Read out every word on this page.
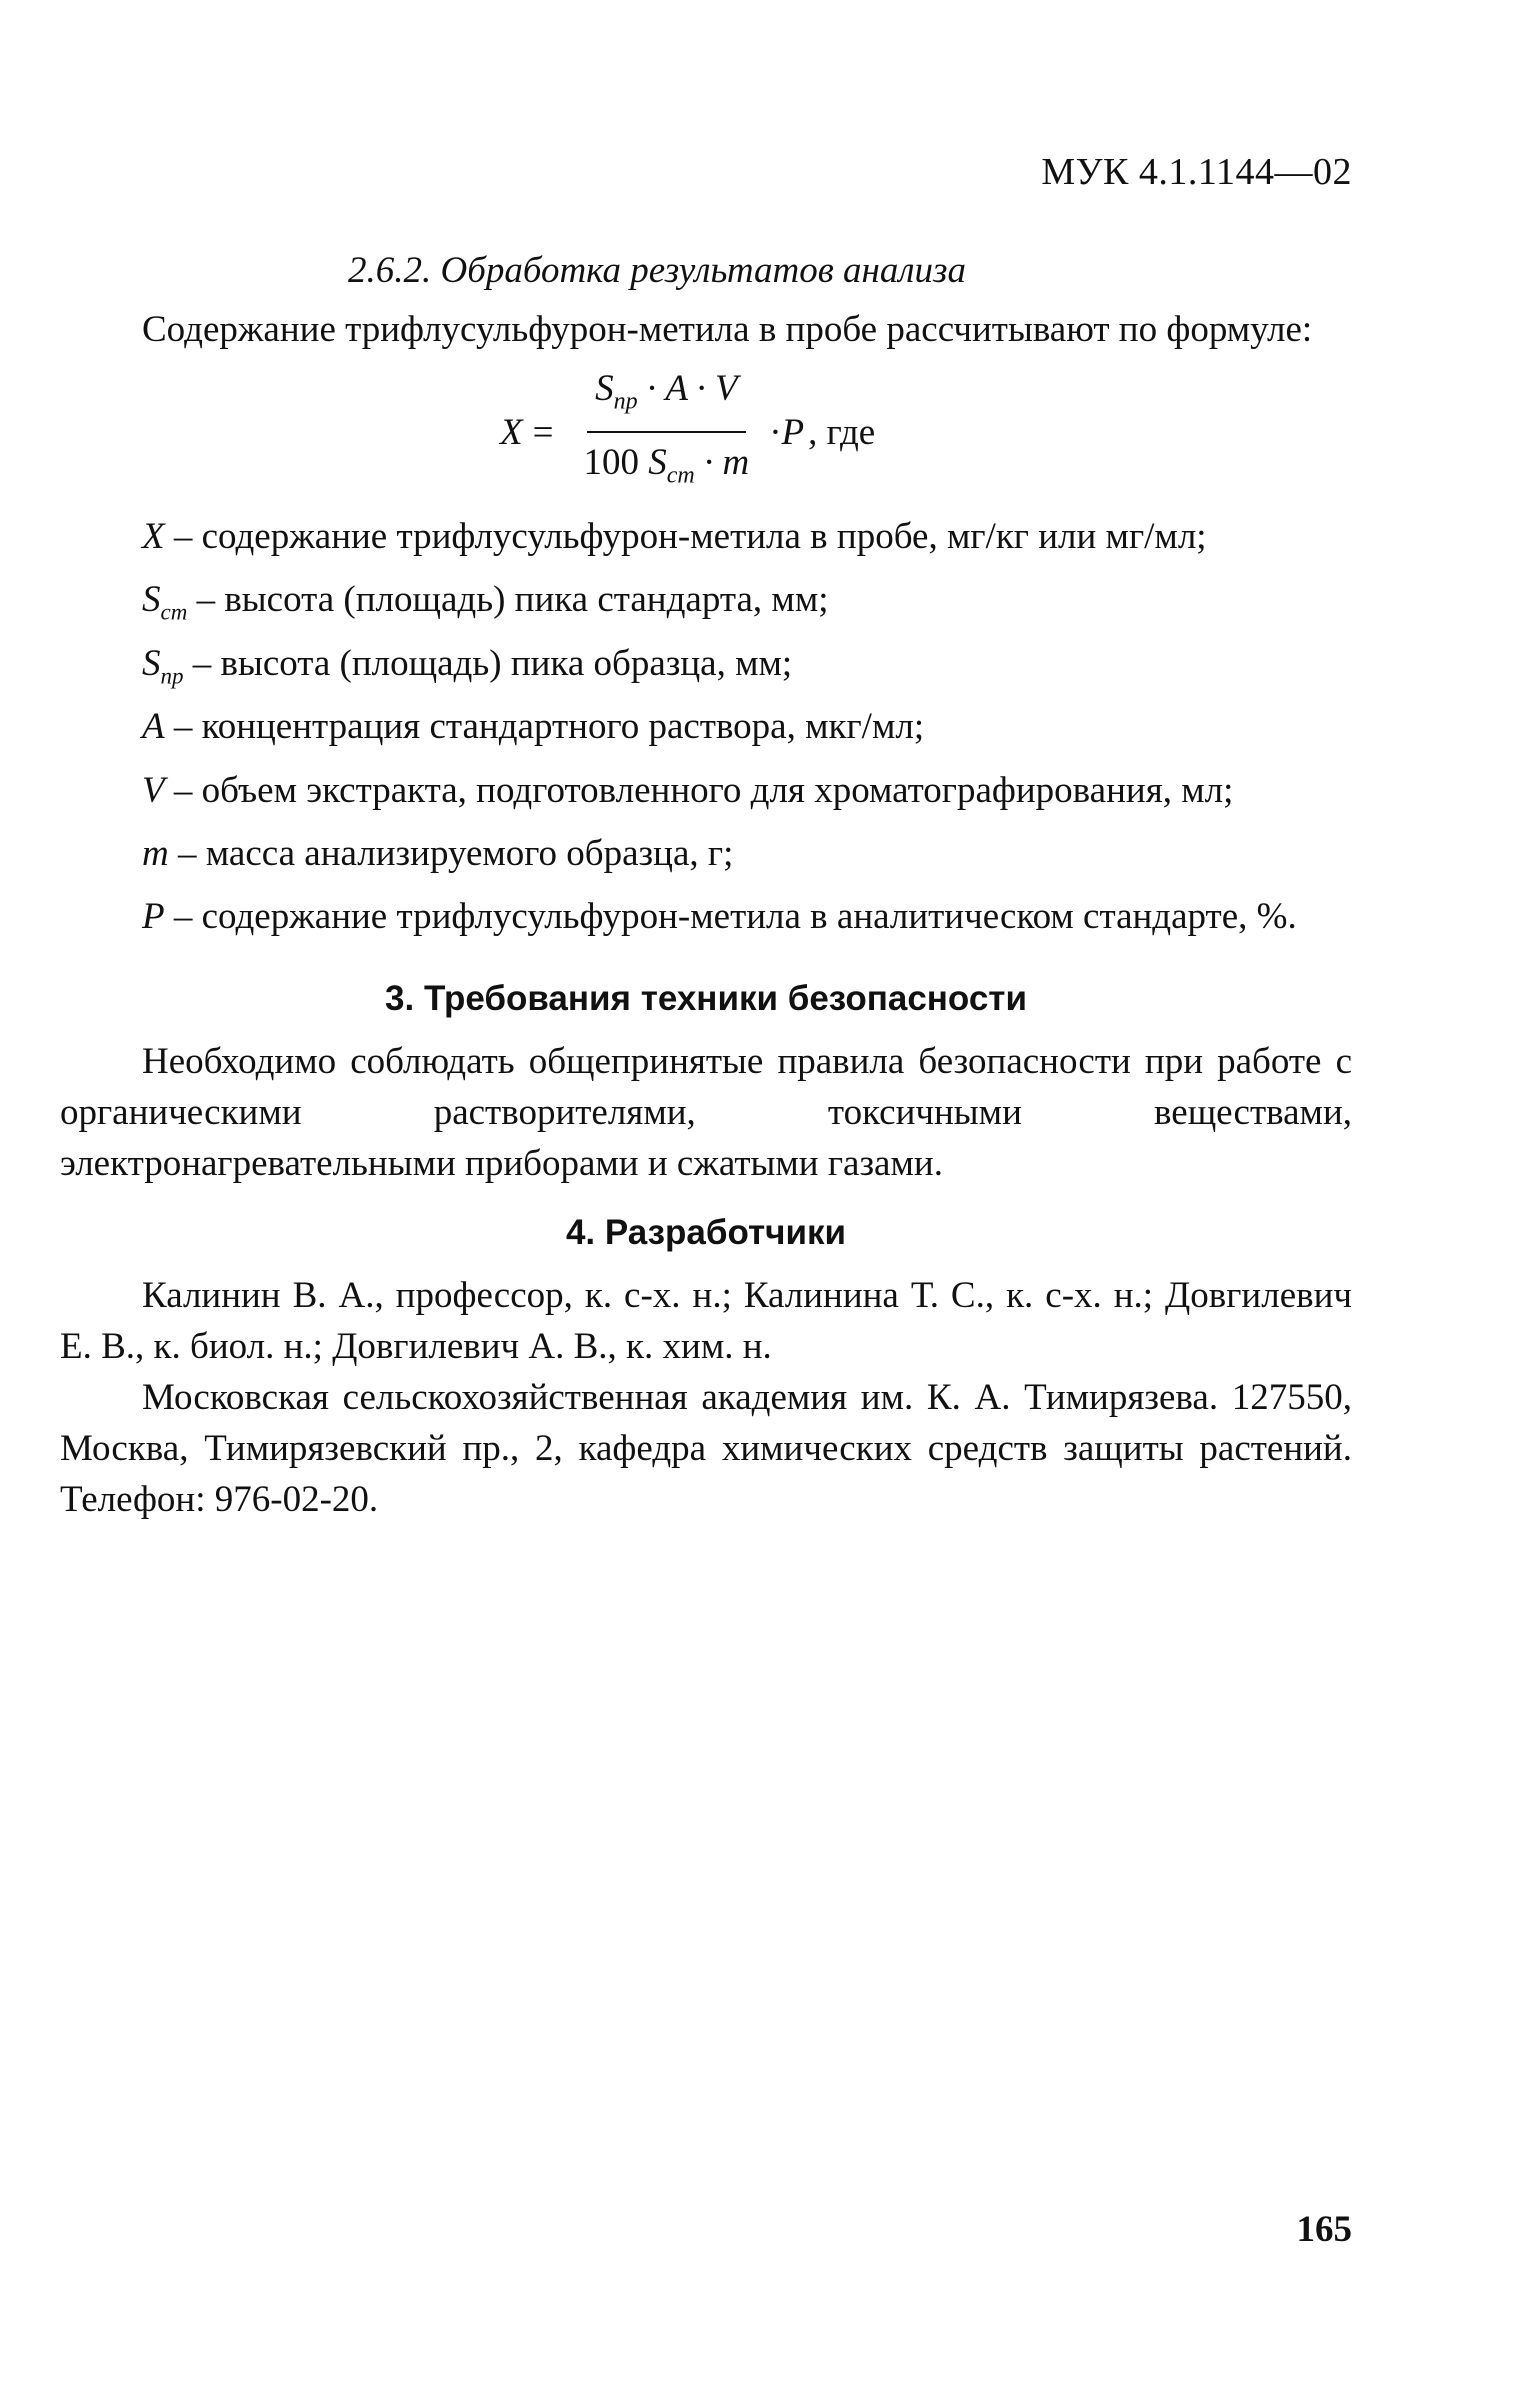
МУК 4.1.1144—02
2.6.2. Обработка результатов анализа

Содержание трифлусульфурон-метила в пробе рассчитывают по формуле:

$X = \frac{S_{пр} \cdot A \cdot V}{100 S_{ст} \cdot m} \cdot P$ , где

X – содержание трифлусульфурон-метила в пробе, мг/кг или мг/мл;

$S_{cm}$ – высота (площадь) пика стандарта, мм;

$S_{пр}$ – высота (площадь) пика образца, мм;

A – концентрация стандартного раствора, мкг/мл;

V – объем экстракта, подготовленного для хроматографирования, мл;

m – масса анализируемого образца, г;

P – содержание трифлусульфурон-метила в аналитическом стандарте, %.

3. Требования техники безопасности

Необходимо соблюдать общепринятые правила безопасности при работе с органическими растворителями, токсичными веществами, электронагревательными приборами и сжатыми газами.

4. Разработчики

Калинин В. А., профессор, к. с-х. н.; Калинина Т. С., к. с-х. н.; Довгилевич Е. В., к. биол. н.; Довгилевич А. В., к. хим. н.

Московская сельскохозяйственная академия им. К. А. Тимирязева. 127550, Москва, Тимирязевский пр., 2, кафедра химических средств защиты растений. Телефон: 976-02-20.

165
